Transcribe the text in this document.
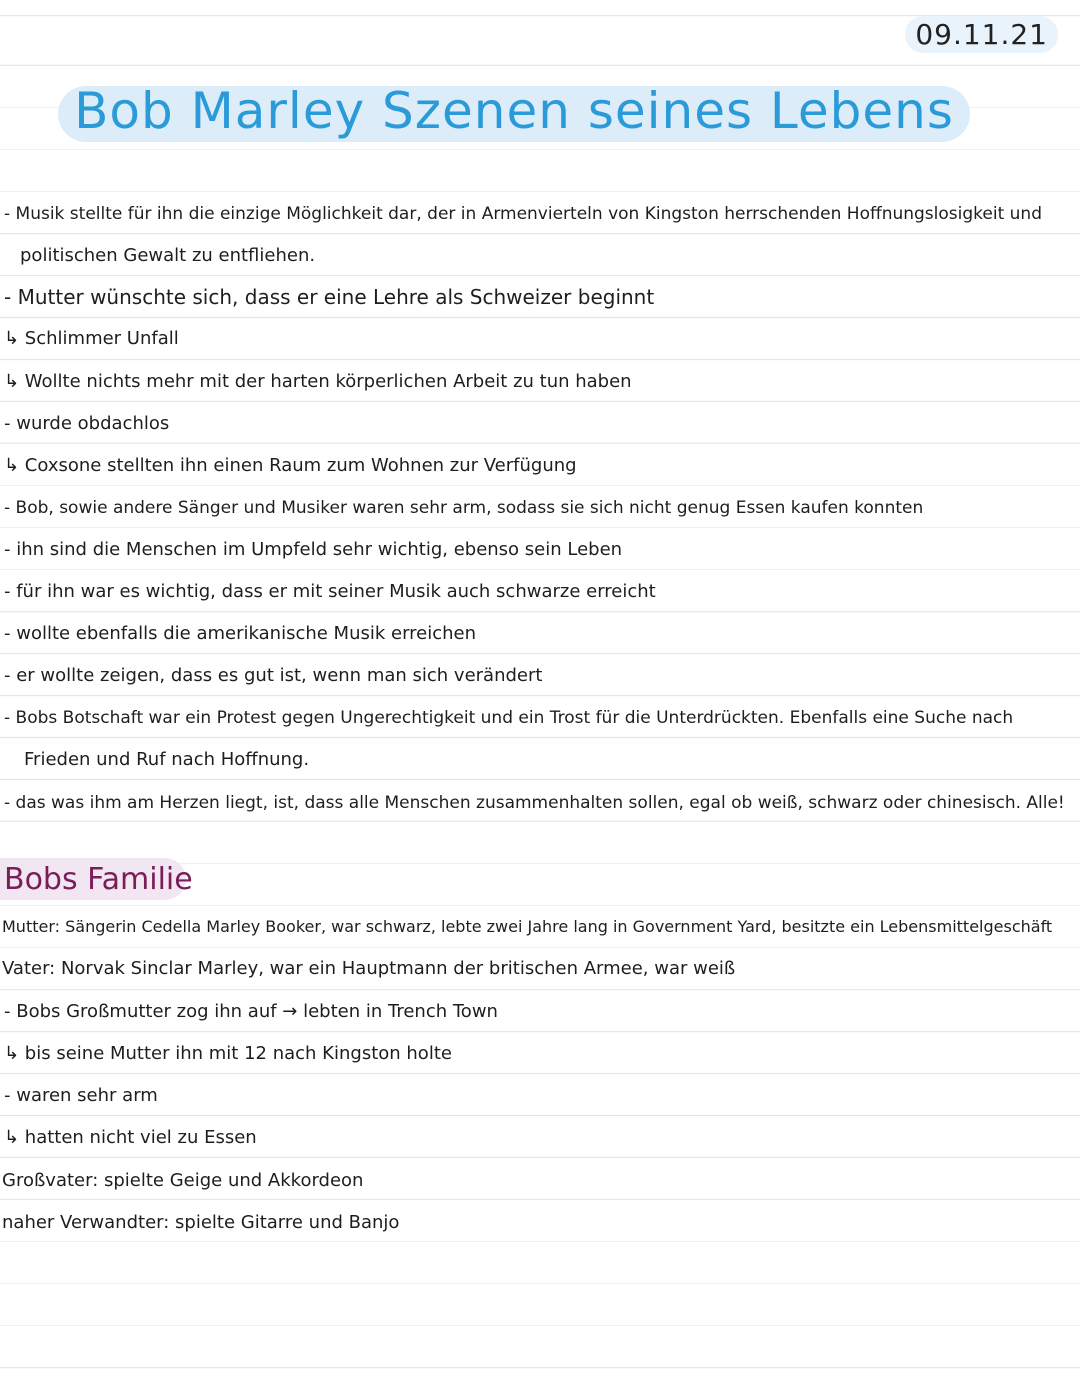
09.11.21
Bob Marley Szenen seines Lebens
- Musik stellte für ihn die einzige Möglichkeit dar, der in Armenvierteln von Kingston herrschenden Hoffnungslosigkeit und
politischen Gewalt zu entfliehen.
- Mutter wünschte sich, dass er eine Lehre als Schweizer beginnt
↳ Schlimmer Unfall
↳ Wollte nichts mehr mit der harten körperlichen Arbeit zu tun haben
- wurde obdachlos
↳ Coxsone stellten ihn einen Raum zum Wohnen zur Verfügung
- Bob, sowie andere Sänger und Musiker waren sehr arm, sodass sie sich nicht genug Essen kaufen konnten
- ihn sind die Menschen im Umpfeld sehr wichtig, ebenso sein Leben
- für ihn war es wichtig, dass er mit seiner Musik auch schwarze erreicht
- wollte ebenfalls die amerikanische Musik erreichen
- er wollte zeigen, dass es gut ist, wenn man sich verändert
- Bobs Botschaft war ein Protest gegen Ungerechtigkeit und ein Trost für die Unterdrückten. Ebenfalls eine Suche nach
Frieden und Ruf nach Hoffnung.
- das was ihm am Herzen liegt, ist, dass alle Menschen zusammenhalten sollen, egal ob weiß, schwarz oder chinesisch. Alle!
Bobs Familie
Mutter: Sängerin Cedella Marley Booker, war schwarz, lebte zwei Jahre lang in Government Yard, besitzte ein Lebensmittelgeschäft
Vater: Norvak Sinclar Marley, war ein Hauptmann der britischen Armee, war weiß
- Bobs Großmutter zog ihn auf → lebten in Trench Town
↳ bis seine Mutter ihn mit 12 nach Kingston holte
- waren sehr arm
↳ hatten nicht viel zu Essen
Großvater: spielte Geige und Akkordeon
naher Verwandter: spielte Gitarre und Banjo
